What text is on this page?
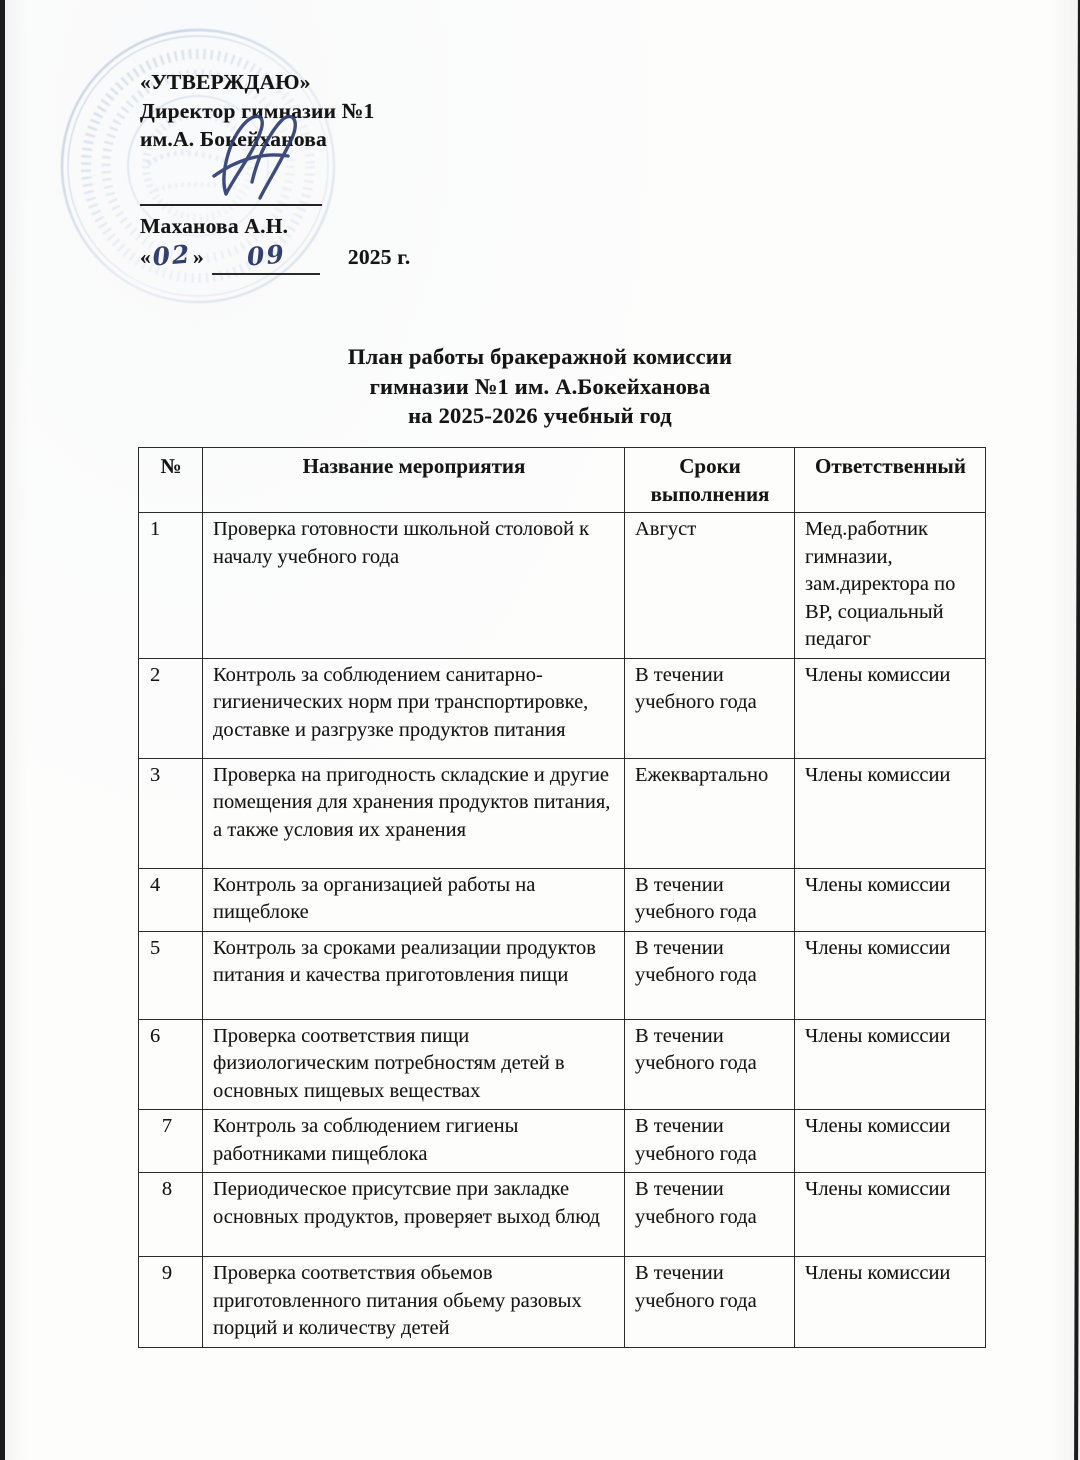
«УТВЕРЖДАЮ»
Директор гимназии №1
им.А. Бокейханова
Маханова А.Н.
«02» 09	2025 г.
План работы бракеражной комиссии
гимназии №1 им. А.Бокейханова
на 2025-2026 учебный год
№	Название мероприятия	Сроки выполнения	Ответственный
1	Проверка готовности школьной столовой к началу учебного года	Август	Мед.работник гимназии, зам.директора по ВР, социальный педагог
2	Контроль за соблюдением санитарно-гигиенических норм при транспортировке, доставке и разгрузке продуктов питания	В течении учебного года	Члены комиссии
3	Проверка на пригодность складские и другие помещения для хранения продуктов питания, а также условия их хранения	Ежеквартально	Члены комиссии
4	Контроль за организацией работы на пищеблоке	В течении учебного года	Члены комиссии
5	Контроль за сроками реализации продуктов питания и качества приготовления пищи	В течении учебного года	Члены комиссии
6	Проверка соответствия пищи физиологическим потребностям детей в основных пищевых веществах	В течении учебного года	Члены комиссии
7	Контроль за соблюдением гигиены работниками пищеблока	В течении учебного года	Члены комиссии
8	Периодическое присутсвие при закладке основных продуктов, проверяет выход блюд	В течении учебного года	Члены комиссии
9	Проверка соответствия обьемов приготовленного питания обьему разовых порций и количеству детей	В течении учебного года	Члены комиссии
